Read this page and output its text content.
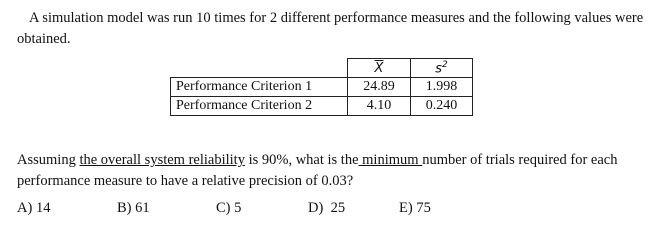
A simulation model was run 10 times for 2 different performance measures and the following values were obtained.
	$\overline{X}$	$s^2$
Performance Criterion 1	24.89	1.998
Performance Criterion 2	4.10	0.240
Assuming the overall system reliability is 90%, what is the minimum number of trials required for each performance measure to have a relative precision of 0.03?
A) 14	B) 61	C) 5	D) 25	E) 75
